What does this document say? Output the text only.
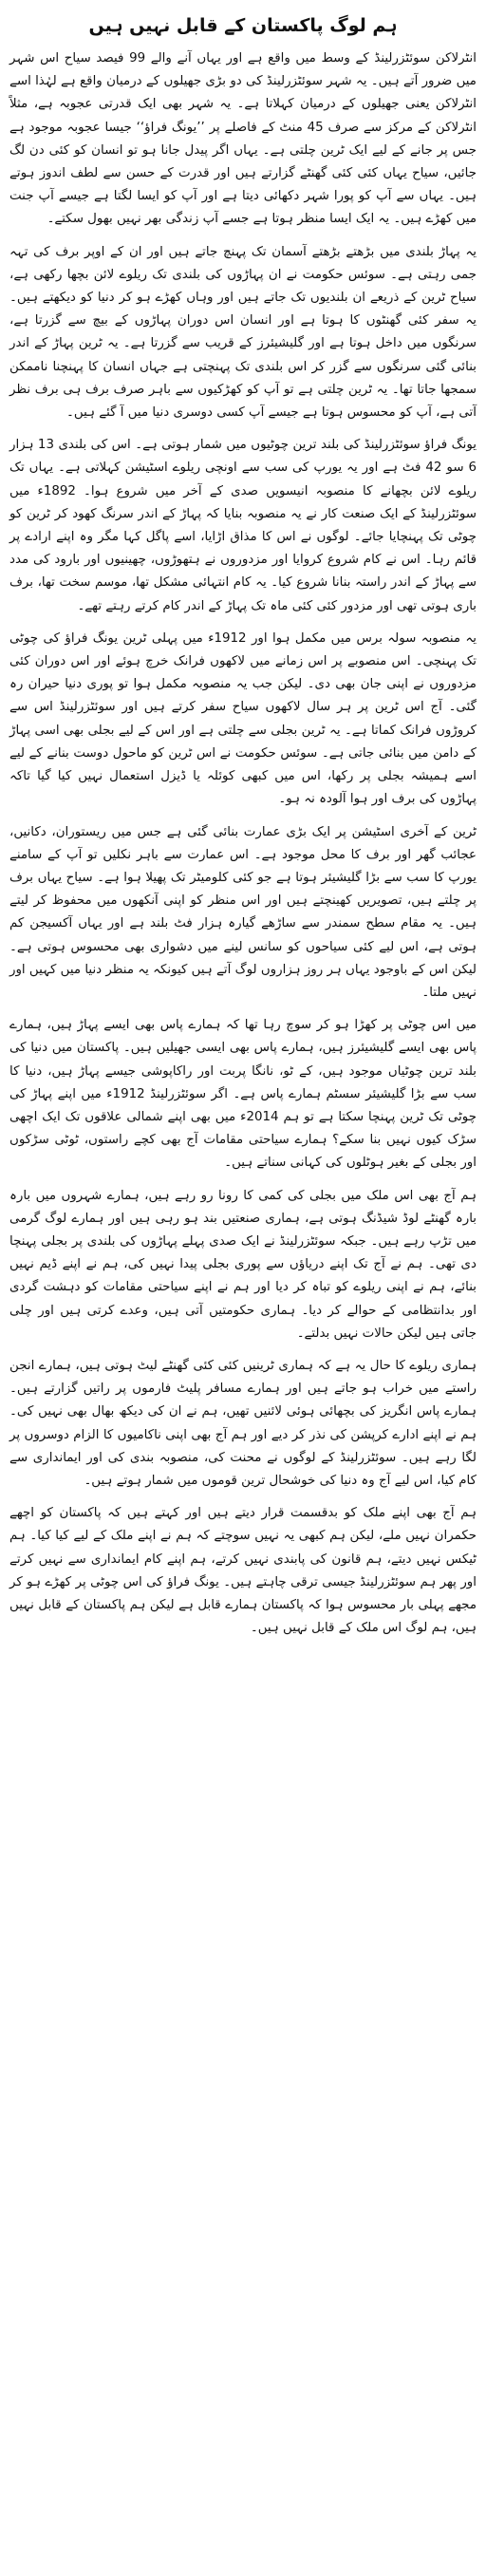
ہم لوگ پاکستان کے قابل نہیں ہیں

انٹرلاکن سوئٹزرلینڈ کے وسط میں واقع ہے اور یہاں آنے والے 99 فیصد سیاح اس شہر میں ضرور آتے ہیں۔ یہ شہر سوئٹزرلینڈ کی دو بڑی جھیلوں کے درمیان واقع ہے لہٰذا اسے انٹرلاکن یعنی جھیلوں کے درمیان کہلاتا ہے۔ یہ شہر بھی ایک قدرتی عجوبہ ہے، مثلاً انٹرلاکن کے مرکز سے صرف 45 منٹ کے فاصلے پر ’’یونگ فراؤ‘‘ جیسا عجوبہ موجود ہے جس پر جانے کے لیے ایک ٹرین چلتی ہے۔ یہاں اگر پیدل جانا ہو تو انسان کو کئی دن لگ جائیں، سیاح یہاں کئی کئی گھنٹے گزارتے ہیں اور قدرت کے حسن سے لطف اندوز ہوتے ہیں۔ یہاں سے آپ کو پورا شہر دکھائی دیتا ہے اور آپ کو ایسا لگتا ہے جیسے آپ جنت میں کھڑے ہیں۔ یہ ایک ایسا منظر ہوتا ہے جسے آپ زندگی بھر نہیں بھول سکتے۔

یہ پہاڑ بلندی میں بڑھتے بڑھتے آسمان تک پہنچ جاتے ہیں اور ان کے اوپر برف کی تہہ جمی رہتی ہے۔ سوئس حکومت نے ان پہاڑوں کی بلندی تک ریلوے لائن بچھا رکھی ہے، سیاح ٹرین کے ذریعے ان بلندیوں تک جاتے ہیں اور وہاں کھڑے ہو کر دنیا کو دیکھتے ہیں۔ یہ سفر کئی گھنٹوں کا ہوتا ہے اور انسان اس دوران پہاڑوں کے بیچ سے گزرتا ہے، سرنگوں میں داخل ہوتا ہے اور گلیشیئرز کے قریب سے گزرتا ہے۔ یہ ٹرین پہاڑ کے اندر بنائی گئی سرنگوں سے گزر کر اس بلندی تک پہنچتی ہے جہاں انسان کا پہنچنا ناممکن سمجھا جاتا تھا۔ یہ ٹرین چلتی ہے تو آپ کو کھڑکیوں سے باہر صرف برف ہی برف نظر آتی ہے، آپ کو محسوس ہوتا ہے جیسے آپ کسی دوسری دنیا میں آ گئے ہیں۔

یونگ فراؤ سوئٹزرلینڈ کی بلند ترین چوٹیوں میں شمار ہوتی ہے۔ اس کی بلندی 13 ہزار 6 سو 42 فٹ ہے اور یہ یورپ کی سب سے اونچی ریلوے اسٹیشن کہلاتی ہے۔ یہاں تک ریلوے لائن بچھانے کا منصوبہ انیسویں صدی کے آخر میں شروع ہوا۔ 1892ء میں سوئٹزرلینڈ کے ایک صنعت کار نے یہ منصوبہ بنایا کہ پہاڑ کے اندر سرنگ کھود کر ٹرین کو چوٹی تک پہنچایا جائے۔ لوگوں نے اس کا مذاق اڑایا، اسے پاگل کہا مگر وہ اپنے ارادے پر قائم رہا۔ اس نے کام شروع کروایا اور مزدوروں نے ہتھوڑوں، چھینیوں اور بارود کی مدد سے پہاڑ کے اندر راستہ بنانا شروع کیا۔ یہ کام انتہائی مشکل تھا، موسم سخت تھا، برف باری ہوتی تھی اور مزدور کئی کئی ماہ تک پہاڑ کے اندر کام کرتے رہتے تھے۔

یہ منصوبہ سولہ برس میں مکمل ہوا اور 1912ء میں پہلی ٹرین یونگ فراؤ کی چوٹی تک پہنچی۔ اس منصوبے پر اس زمانے میں لاکھوں فرانک خرچ ہوئے اور اس دوران کئی مزدوروں نے اپنی جان بھی دی۔ لیکن جب یہ منصوبہ مکمل ہوا تو پوری دنیا حیران رہ گئی۔ آج اس ٹرین پر ہر سال لاکھوں سیاح سفر کرتے ہیں اور سوئٹزرلینڈ اس سے کروڑوں فرانک کماتا ہے۔ یہ ٹرین بجلی سے چلتی ہے اور اس کے لیے بجلی بھی اسی پہاڑ کے دامن میں بنائی جاتی ہے۔ سوئس حکومت نے اس ٹرین کو ماحول دوست بنانے کے لیے اسے ہمیشہ بجلی پر رکھا، اس میں کبھی کوئلہ یا ڈیزل استعمال نہیں کیا گیا تاکہ پہاڑوں کی برف اور ہوا آلودہ نہ ہو۔

ٹرین کے آخری اسٹیشن پر ایک بڑی عمارت بنائی گئی ہے جس میں ریستوران، دکانیں، عجائب گھر اور برف کا محل موجود ہے۔ اس عمارت سے باہر نکلیں تو آپ کے سامنے یورپ کا سب سے بڑا گلیشیئر ہوتا ہے جو کئی کلومیٹر تک پھیلا ہوا ہے۔ سیاح یہاں برف پر چلتے ہیں، تصویریں کھینچتے ہیں اور اس منظر کو اپنی آنکھوں میں محفوظ کر لیتے ہیں۔ یہ مقام سطح سمندر سے ساڑھے گیارہ ہزار فٹ بلند ہے اور یہاں آکسیجن کم ہوتی ہے، اس لیے کئی سیاحوں کو سانس لینے میں دشواری بھی محسوس ہوتی ہے۔ لیکن اس کے باوجود یہاں ہر روز ہزاروں لوگ آتے ہیں کیونکہ یہ منظر دنیا میں کہیں اور نہیں ملتا۔

میں اس چوٹی پر کھڑا ہو کر سوچ رہا تھا کہ ہمارے پاس بھی ایسے پہاڑ ہیں، ہمارے پاس بھی ایسے گلیشیئرز ہیں، ہمارے پاس بھی ایسی جھیلیں ہیں۔ پاکستان میں دنیا کی بلند ترین چوٹیاں موجود ہیں، کے ٹو، نانگا پربت اور راکاپوشی جیسے پہاڑ ہیں، دنیا کا سب سے بڑا گلیشیئر سسٹم ہمارے پاس ہے۔ اگر سوئٹزرلینڈ 1912ء میں اپنے پہاڑ کی چوٹی تک ٹرین پہنچا سکتا ہے تو ہم 2014ء میں بھی اپنے شمالی علاقوں تک ایک اچھی سڑک کیوں نہیں بنا سکے؟ ہمارے سیاحتی مقامات آج بھی کچے راستوں، ٹوٹی سڑکوں اور بجلی کے بغیر ہوٹلوں کی کہانی سناتے ہیں۔

ہم آج بھی اس ملک میں بجلی کی کمی کا رونا رو رہے ہیں، ہمارے شہروں میں بارہ بارہ گھنٹے لوڈ شیڈنگ ہوتی ہے، ہماری صنعتیں بند ہو رہی ہیں اور ہمارے لوگ گرمی میں تڑپ رہے ہیں۔ جبکہ سوئٹزرلینڈ نے ایک صدی پہلے پہاڑوں کی بلندی پر بجلی پہنچا دی تھی۔ ہم نے آج تک اپنے دریاؤں سے پوری بجلی پیدا نہیں کی، ہم نے اپنے ڈیم نہیں بنائے، ہم نے اپنی ریلوے کو تباہ کر دیا اور ہم نے اپنے سیاحتی مقامات کو دہشت گردی اور بدانتظامی کے حوالے کر دیا۔ ہماری حکومتیں آتی ہیں، وعدے کرتی ہیں اور چلی جاتی ہیں لیکن حالات نہیں بدلتے۔

ہماری ریلوے کا حال یہ ہے کہ ہماری ٹرینیں کئی کئی گھنٹے لیٹ ہوتی ہیں، ہمارے انجن راستے میں خراب ہو جاتے ہیں اور ہمارے مسافر پلیٹ فارموں پر راتیں گزارتے ہیں۔ ہمارے پاس انگریز کی بچھائی ہوئی لائنیں تھیں، ہم نے ان کی دیکھ بھال بھی نہیں کی۔ ہم نے اپنے ادارے کرپشن کی نذر کر دیے اور ہم آج بھی اپنی ناکامیوں کا الزام دوسروں پر لگا رہے ہیں۔ سوئٹزرلینڈ کے لوگوں نے محنت کی، منصوبہ بندی کی اور ایمانداری سے کام کیا، اس لیے آج وہ دنیا کی خوشحال ترین قوموں میں شمار ہوتے ہیں۔

ہم آج بھی اپنے ملک کو بدقسمت قرار دیتے ہیں اور کہتے ہیں کہ پاکستان کو اچھے حکمران نہیں ملے، لیکن ہم کبھی یہ نہیں سوچتے کہ ہم نے اپنے ملک کے لیے کیا کیا۔ ہم ٹیکس نہیں دیتے، ہم قانون کی پابندی نہیں کرتے، ہم اپنے کام ایمانداری سے نہیں کرتے اور پھر ہم سوئٹزرلینڈ جیسی ترقی چاہتے ہیں۔ یونگ فراؤ کی اس چوٹی پر کھڑے ہو کر مجھے پہلی بار محسوس ہوا کہ پاکستان ہمارے قابل ہے لیکن ہم پاکستان کے قابل نہیں ہیں، ہم لوگ اس ملک کے قابل نہیں ہیں۔
